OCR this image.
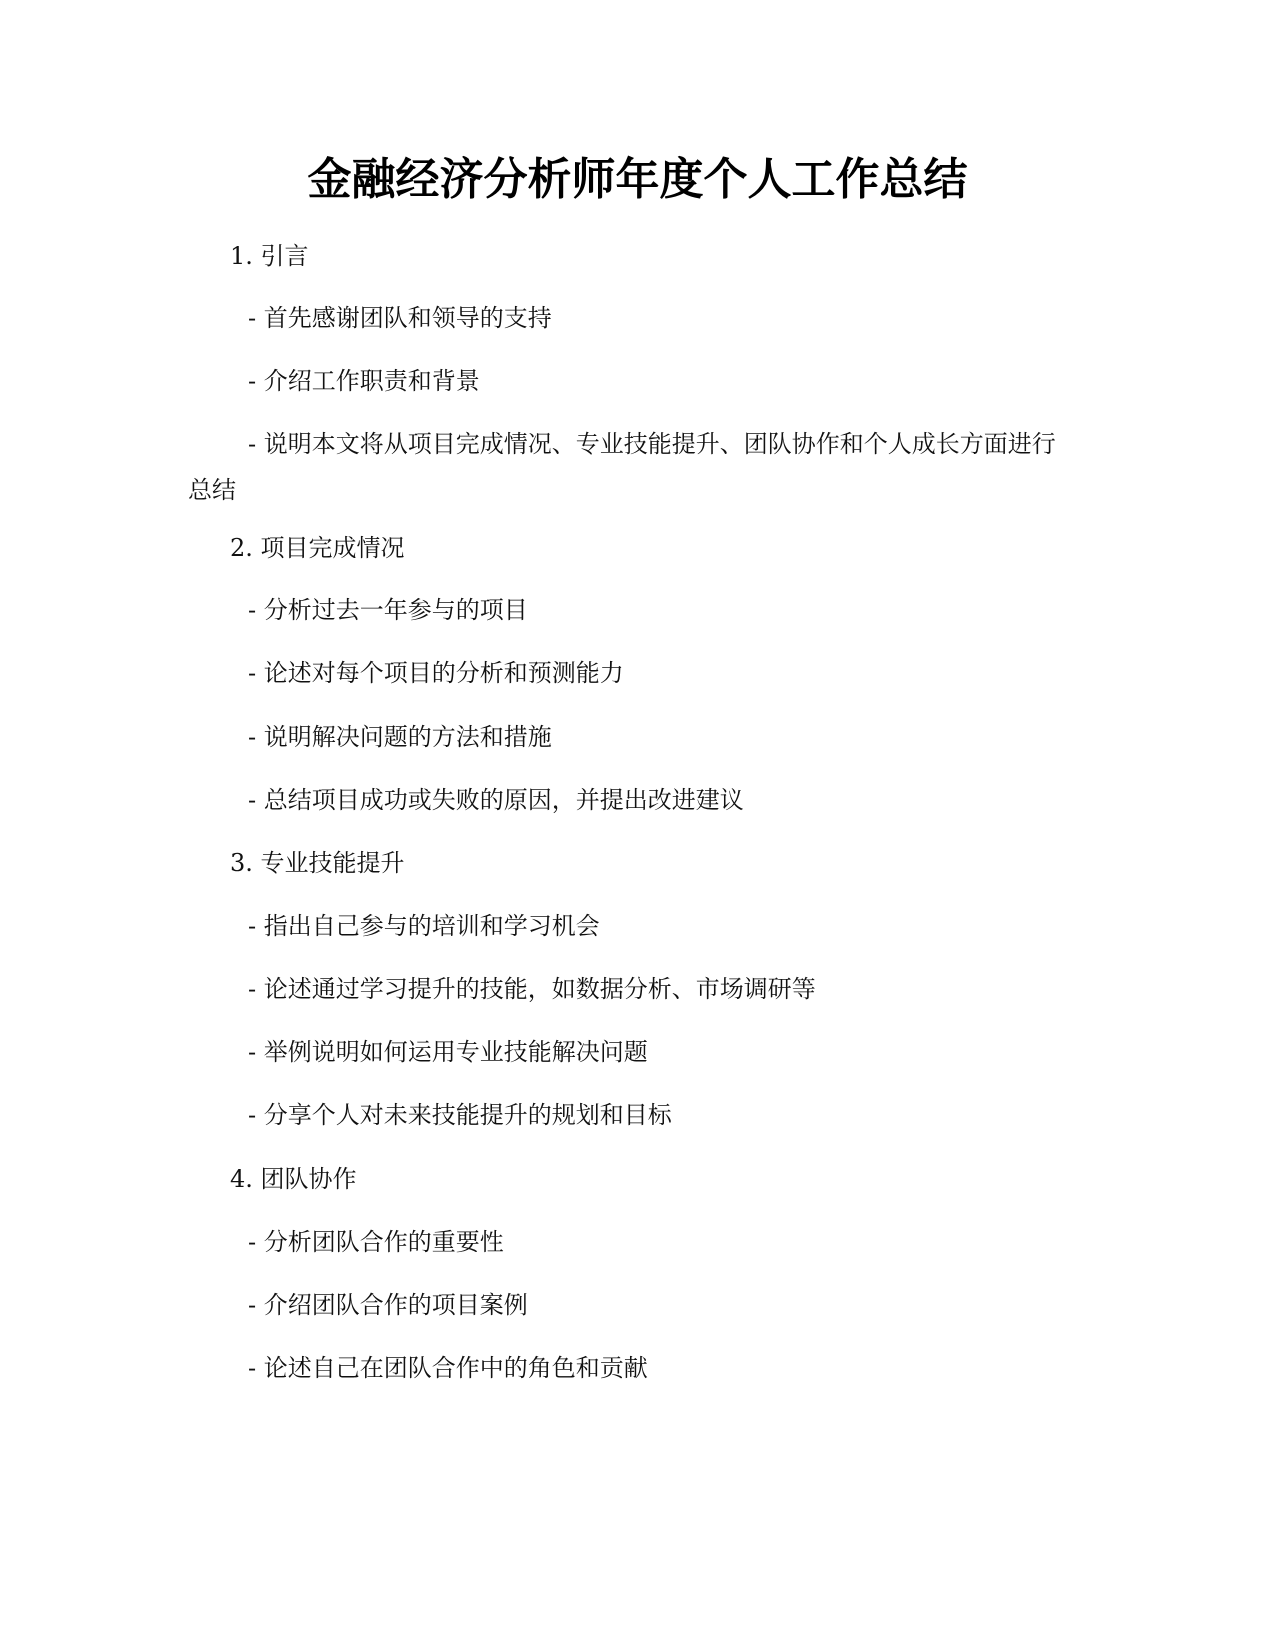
金融经济分析师年度个人工作总结

1. 引言

- 首先感谢团队和领导的支持

- 介绍工作职责和背景

- 说明本文将从项目完成情况、专业技能提升、团队协作和个人成长方面进行总结

2. 项目完成情况

- 分析过去一年参与的项目

- 论述对每个项目的分析和预测能力

- 说明解决问题的方法和措施

- 总结项目成功或失败的原因，并提出改进建议

3. 专业技能提升

- 指出自己参与的培训和学习机会

- 论述通过学习提升的技能，如数据分析、市场调研等

- 举例说明如何运用专业技能解决问题

- 分享个人对未来技能提升的规划和目标

4. 团队协作

- 分析团队合作的重要性

- 介绍团队合作的项目案例

- 论述自己在团队合作中的角色和贡献
